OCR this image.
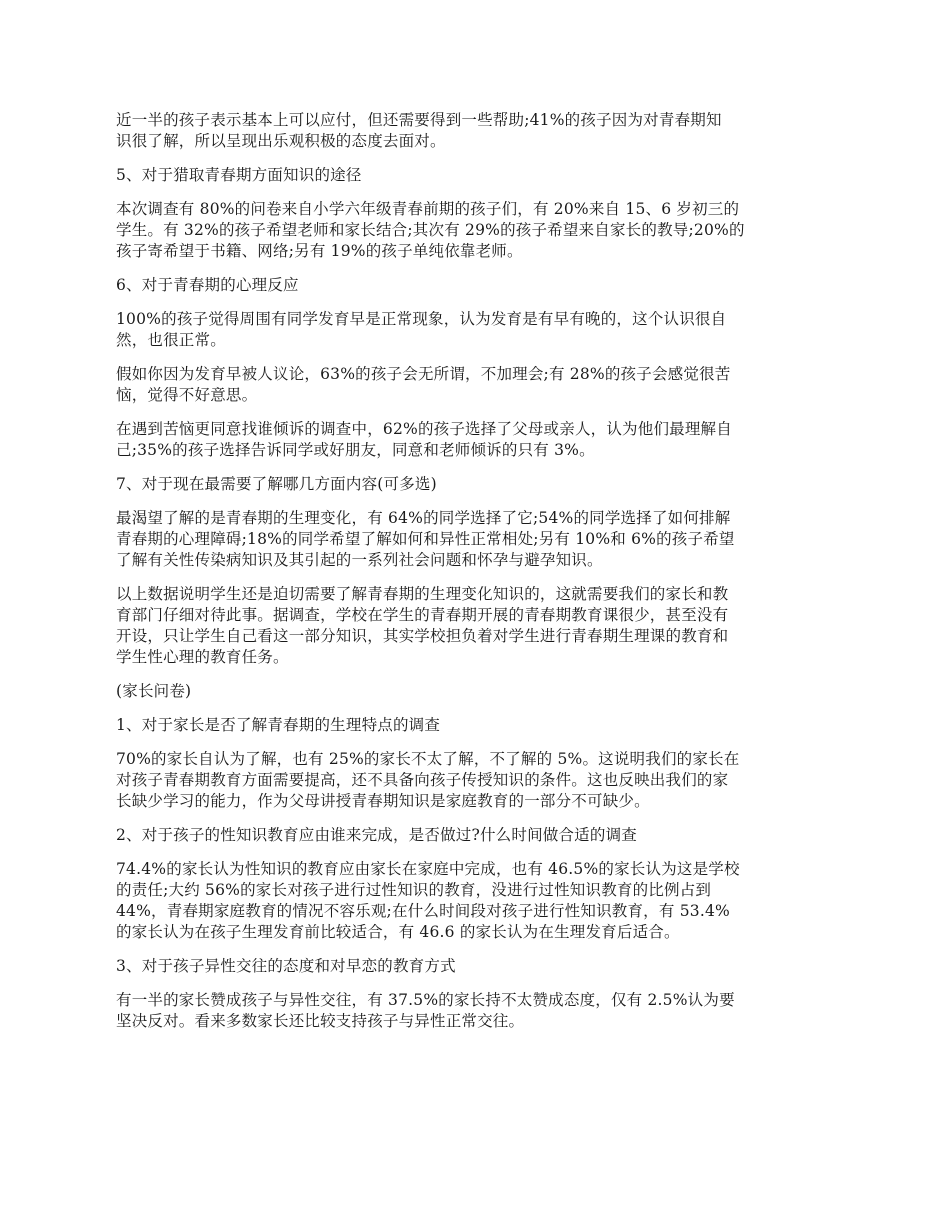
近一半的孩子表示基本上可以应付，但还需要得到一些帮助;41%的孩子因为对青春期知
识很了解，所以呈现出乐观积极的态度去面对。

5、对于猎取青春期方面知识的途径

本次调查有 80%的问卷来自小学六年级青春前期的孩子们，有 20%来自 15、6 岁初三的
学生。有 32%的孩子希望老师和家长结合;其次有 29%的孩子希望来自家长的教导;20%的
孩子寄希望于书籍、网络;另有 19%的孩子单纯依靠老师。

6、对于青春期的心理反应

100%的孩子觉得周围有同学发育早是正常现象，认为发育是有早有晚的，这个认识很自
然，也很正常。

假如你因为发育早被人议论，63%的孩子会无所谓，不加理会;有 28%的孩子会感觉很苦
恼，觉得不好意思。

在遇到苦恼更同意找谁倾诉的调查中，62%的孩子选择了父母或亲人，认为他们最理解自
己;35%的孩子选择告诉同学或好朋友，同意和老师倾诉的只有 3%。

7、对于现在最需要了解哪几方面内容(可多选)

最渴望了解的是青春期的生理变化，有 64%的同学选择了它;54%的同学选择了如何排解
青春期的心理障碍;18%的同学希望了解如何和异性正常相处;另有 10%和 6%的孩子希望
了解有关性传染病知识及其引起的一系列社会问题和怀孕与避孕知识。

以上数据说明学生还是迫切需要了解青春期的生理变化知识的，这就需要我们的家长和教
育部门仔细对待此事。据调查，学校在学生的青春期开展的青春期教育课很少，甚至没有
开设，只让学生自己看这一部分知识，其实学校担负着对学生进行青春期生理课的教育和
学生性心理的教育任务。

(家长问卷)

1、对于家长是否了解青春期的生理特点的调查

70%的家长自认为了解，也有 25%的家长不太了解，不了解的 5%。这说明我们的家长在
对孩子青春期教育方面需要提高，还不具备向孩子传授知识的条件。这也反映出我们的家
长缺少学习的能力，作为父母讲授青春期知识是家庭教育的一部分不可缺少。

2、对于孩子的性知识教育应由谁来完成，是否做过?什么时间做合适的调查

74.4%的家长认为性知识的教育应由家长在家庭中完成，也有 46.5%的家长认为这是学校
的责任;大约 56%的家长对孩子进行过性知识的教育，没进行过性知识教育的比例占到
44%，青春期家庭教育的情况不容乐观;在什么时间段对孩子进行性知识教育，有 53.4%
的家长认为在孩子生理发育前比较适合，有 46.6 的家长认为在生理发育后适合。

3、对于孩子异性交往的态度和对早恋的教育方式

有一半的家长赞成孩子与异性交往，有 37.5%的家长持不太赞成态度，仅有 2.5%认为要
坚决反对。看来多数家长还比较支持孩子与异性正常交往。
